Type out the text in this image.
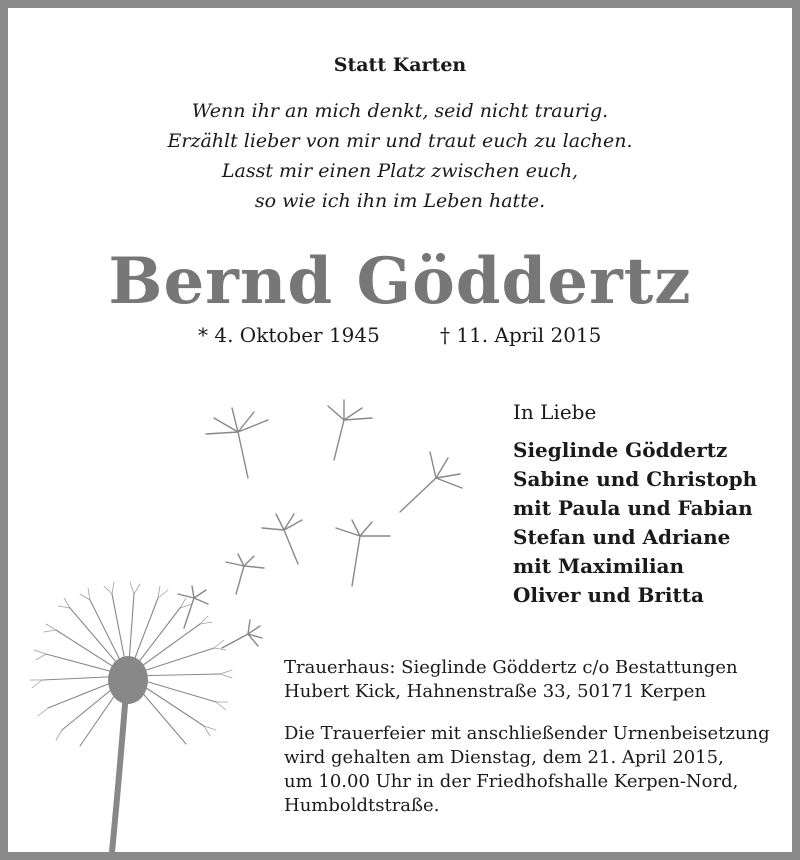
Statt Karten
Wenn ihr an mich denkt, seid nicht traurig.
Erzählt lieber von mir und traut euch zu lachen.
Lasst mir einen Platz zwischen euch,
so wie ich ihn im Leben hatte.
Bernd Göddertz
* 4. Oktober 1945	† 11. April 2015
In Liebe
Sieglinde Göddertz
Sabine und Christoph
mit Paula und Fabian
Stefan und Adriane
mit Maximilian
Oliver und Britta
Trauerhaus: Sieglinde Göddertz c/o Bestattungen
Hubert Kick, Hahnenstraße 33, 50171 Kerpen
Die Trauerfeier mit anschließender Urnenbeisetzung
wird gehalten am Dienstag, dem 21. April 2015,
um 10.00 Uhr in der Friedhofshalle Kerpen-Nord,
Humboldtstraße.
